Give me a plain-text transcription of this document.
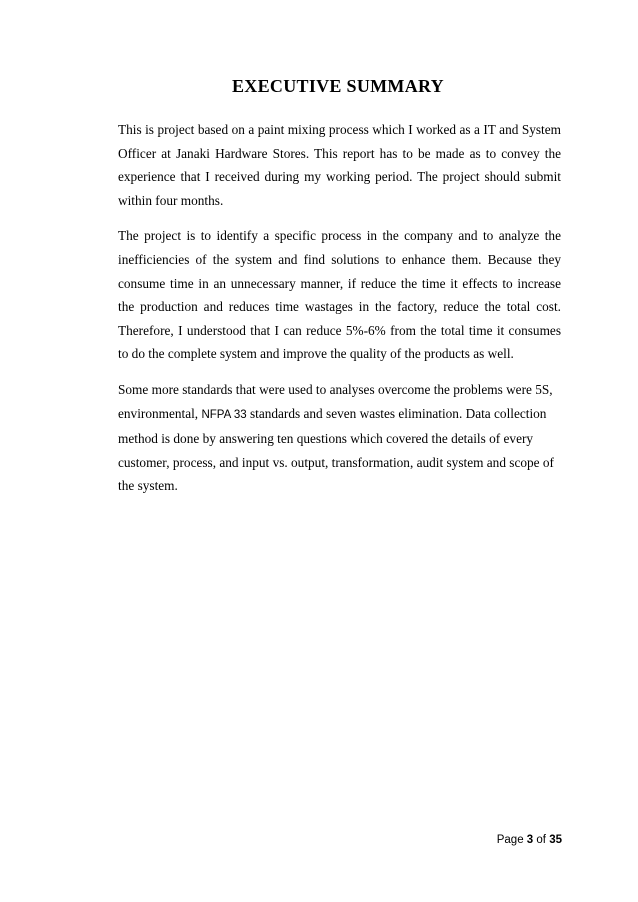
EXECUTIVE SUMMARY

This is project based on a paint mixing process which I worked as a IT and System Officer at Janaki Hardware Stores. This report has to be made as to convey the experience that I received during my working period. The project should submit within four months.

The project is to identify a specific process in the company and to analyze the inefficiencies of the system and find solutions to enhance them. Because they consume time in an unnecessary manner, if reduce the time it effects to increase the production and reduces time wastages in the factory, reduce the total cost. Therefore, I understood that I can reduce 5%-6% from the total time it consumes to do the complete system and improve the quality of the products as well.

Some more standards that were used to analyses overcome the problems were 5S, environmental, NFPA 33 standards and seven wastes elimination. Data collection method is done by answering ten questions which covered the details of every customer, process, and input vs. output, transformation, audit system and scope of the system.

Page 3 of 35
